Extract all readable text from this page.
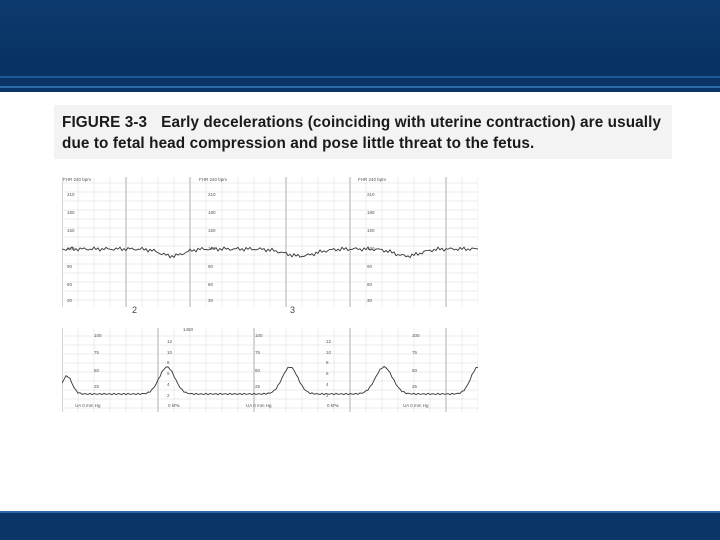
FIGURE 3-3 Early decelerations (coinciding with uterine contraction) are usually due to fetal head compression and pose little threat to the fetus.
FHR 240 bpm	FHR 240 bpm	FHR 240 bpm
210
180
150
120
90
60
30
210
180
150
120
90
60
30
210
180
150
120
90
60
30
2	3
1460
100
75
50
25
100
75
50
25
100
75
50
25
12
10
8
6
4
2
12
10
8
6
4
2
UA 0 mm Hg	0 kPa	UA 0 mm Hg	0 kPa	UA 0 mm Hg
